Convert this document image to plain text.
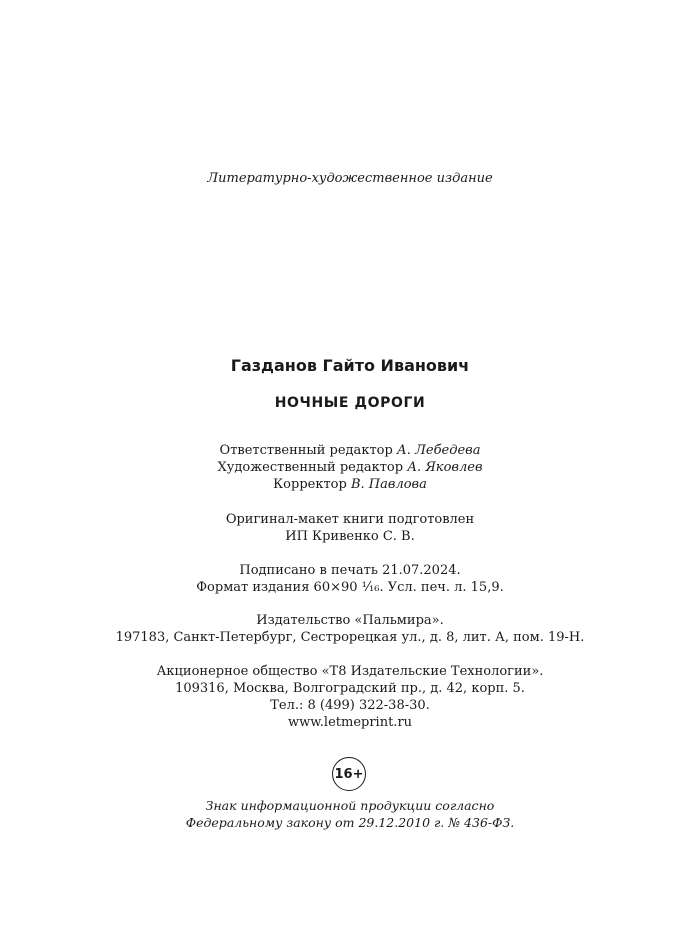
Литературно-художественное издание
Газданов Гайто Иванович
НОЧНЫЕ ДОРОГИ
Ответственный редактор А. Лебедева
Художественный редактор А. Яковлев
Корректор В. Павлова
Оригинал-макет книги подготовлен
ИП Кривенко С. В.
Подписано в печать 21.07.2024.
Формат издания 60×90 ¹⁄₁₆. Усл. печ. л. 15,9.
Издательство «Пальмира».
197183, Санкт-Петербург, Сестрорецкая ул., д. 8, лит. А, пом. 19-Н.
Акционерное общество «Т8 Издательские Технологии».
109316, Москва, Волгоградский пр., д. 42, корп. 5.
Тел.: 8 (499) 322-38-30.
www.letmeprint.ru
16+
Знак информационной продукции согласно
Федеральному закону от 29.12.2010 г. № 436-ФЗ.
